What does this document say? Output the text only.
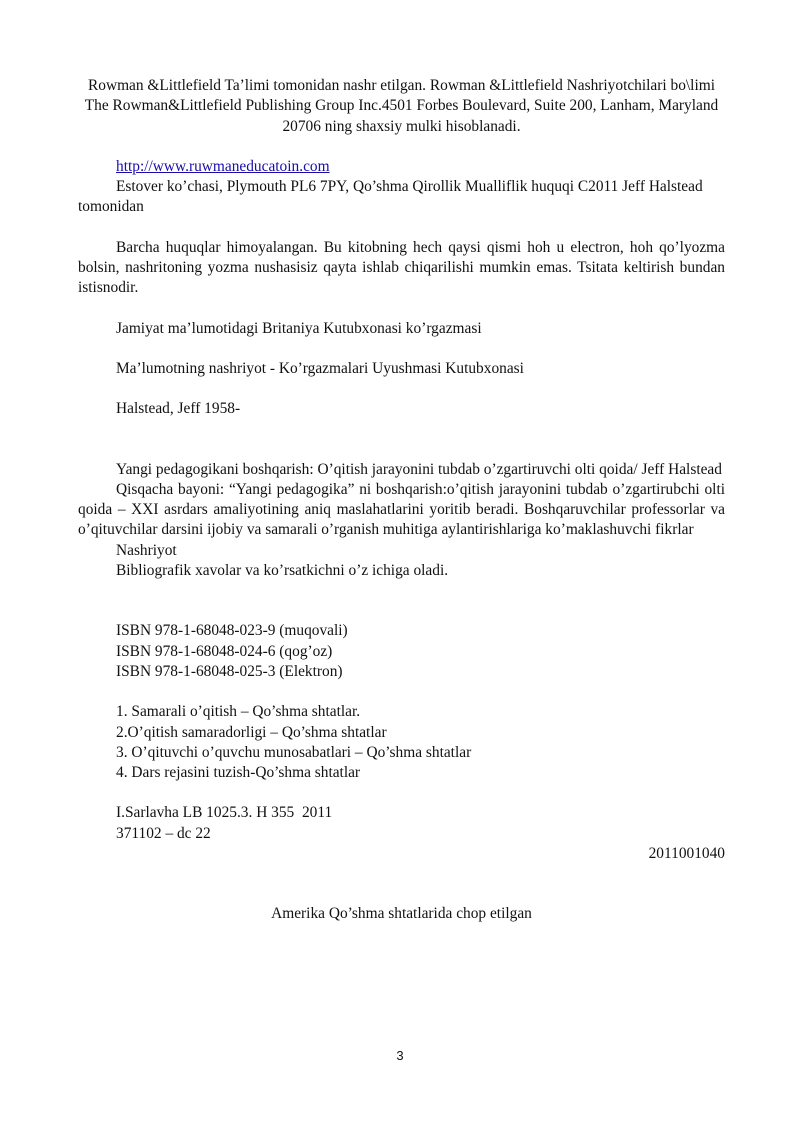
Rowman &Littlefield Ta’limi tomonidan nashr etilgan. Rowman &Littlefield Nashriyotchilari bo\limi The Rowman&Littlefield Publishing Group Inc.4501 Forbes Boulevard, Suite 200, Lanham, Maryland 20706 ning shaxsiy mulki hisoblanadi.
http://www.ruwmaneducatoin.com
Estover ko’chasi, Plymouth PL6 7PY, Qo’shma Qirollik Mualliflik huquqi C2011 Jeff Halstead tomonidan
Barcha huquqlar himoyalangan. Bu kitobning hech qaysi qismi hoh u electron, hoh qo’lyozma bolsin, nashritoning yozma nushasisiz qayta ishlab chiqarilishi mumkin emas. Tsitata keltirish bundan istisnodir.
Jamiyat ma’lumotidagi Britaniya Kutubxonasi ko’rgazmasi
Ma’lumotning nashriyot - Ko’rgazmalari Uyushmasi Kutubxonasi
Halstead, Jeff 1958-
Yangi pedagogikani boshqarish: O’qitish jarayonini tubdab o’zgartiruvchi olti qoida/ Jeff Halstead
Qisqacha bayoni: “Yangi pedagogika” ni boshqarish:o’qitish jarayonini tubdab o’zgartirubchi olti qoida – XXI asrdars amaliyotining aniq maslahatlarini yoritib beradi. Boshqaruvchilar professorlar va o’qituvchilar darsini ijobiy va samarali o’rganish muhitiga aylantirishlariga ko’maklashuvchi fikrlar
Nashriyot
Bibliografik xavolar va ko’rsatkichni o’z ichiga oladi.
ISBN 978-1-68048-023-9 (muqovali)
ISBN 978-1-68048-024-6 (qog’oz)
ISBN 978-1-68048-025-3 (Elektron)
1. Samarali o’qitish – Qo’shma shtatlar.
2.O’qitish samaradorligi – Qo’shma shtatlar
3. O’qituvchi o’quvchu munosabatlari – Qo’shma shtatlar
4. Dars rejasini tuzish-Qo’shma shtatlar
I.Sarlavha LB 1025.3. H 355  2011
371102 – dc 22
2011001040
Amerika Qo’shma shtatlarida chop etilgan
3
